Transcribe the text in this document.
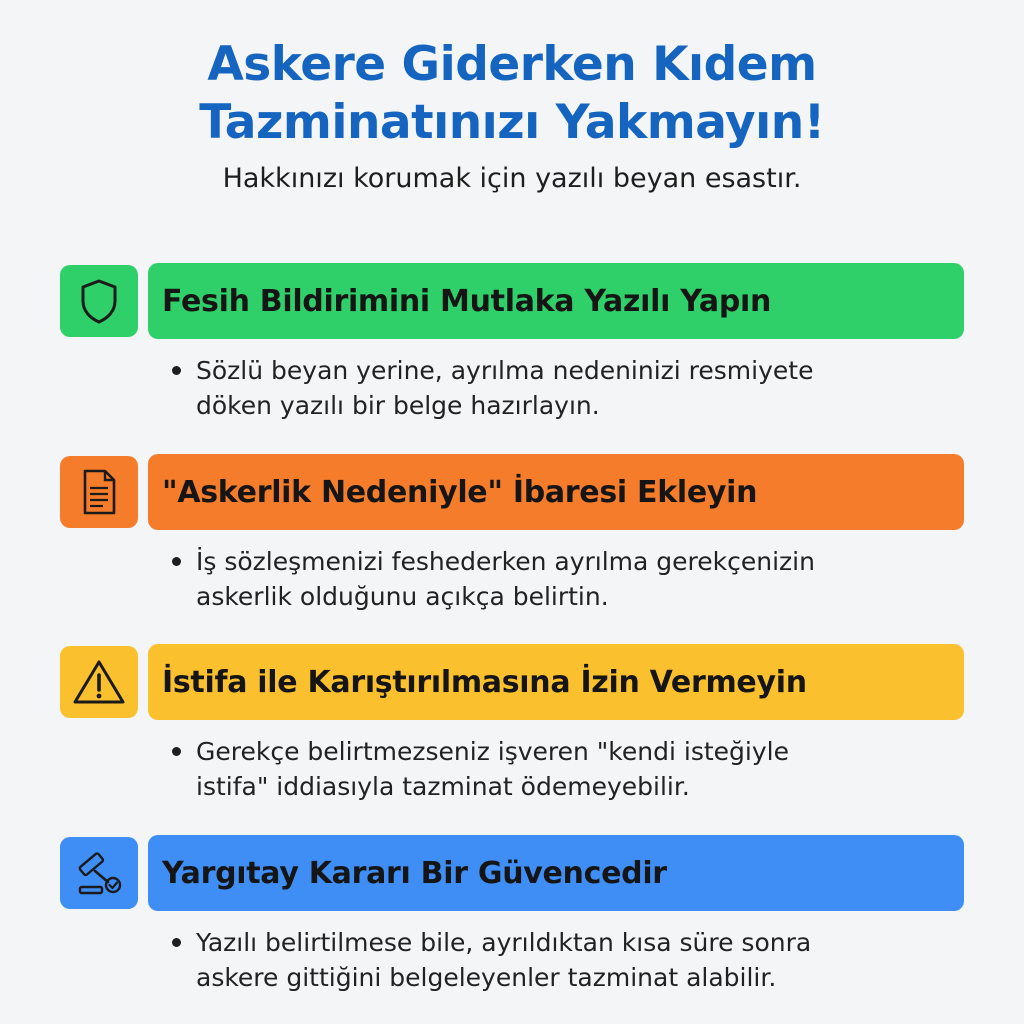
Askere Giderken Kıdem
Tazminatınızı Yakmayın!

Hakkınızı korumak için yazılı beyan esastır.

Fesih Bildirimini Mutlaka Yazılı Yapın
Sözlü beyan yerine, ayrılma nedeninizi resmiyete
döken yazılı bir belge hazırlayın.
"Askerlik Nedeniyle" İbaresi Ekleyin
İş sözleşmenizi feshederken ayrılma gerekçenizin
askerlik olduğunu açıkça belirtin.
İstifa ile Karıştırılmasına İzin Vermeyin
Gerekçe belirtmezseniz işveren "kendi isteğiyle
istifa" iddiasıyla tazminat ödemeyebilir.
Yargıtay Kararı Bir Güvencedir
Yazılı belirtilmese bile, ayrıldıktan kısa süre sonra
askere gittiğini belgeleyenler tazminat alabilir.
